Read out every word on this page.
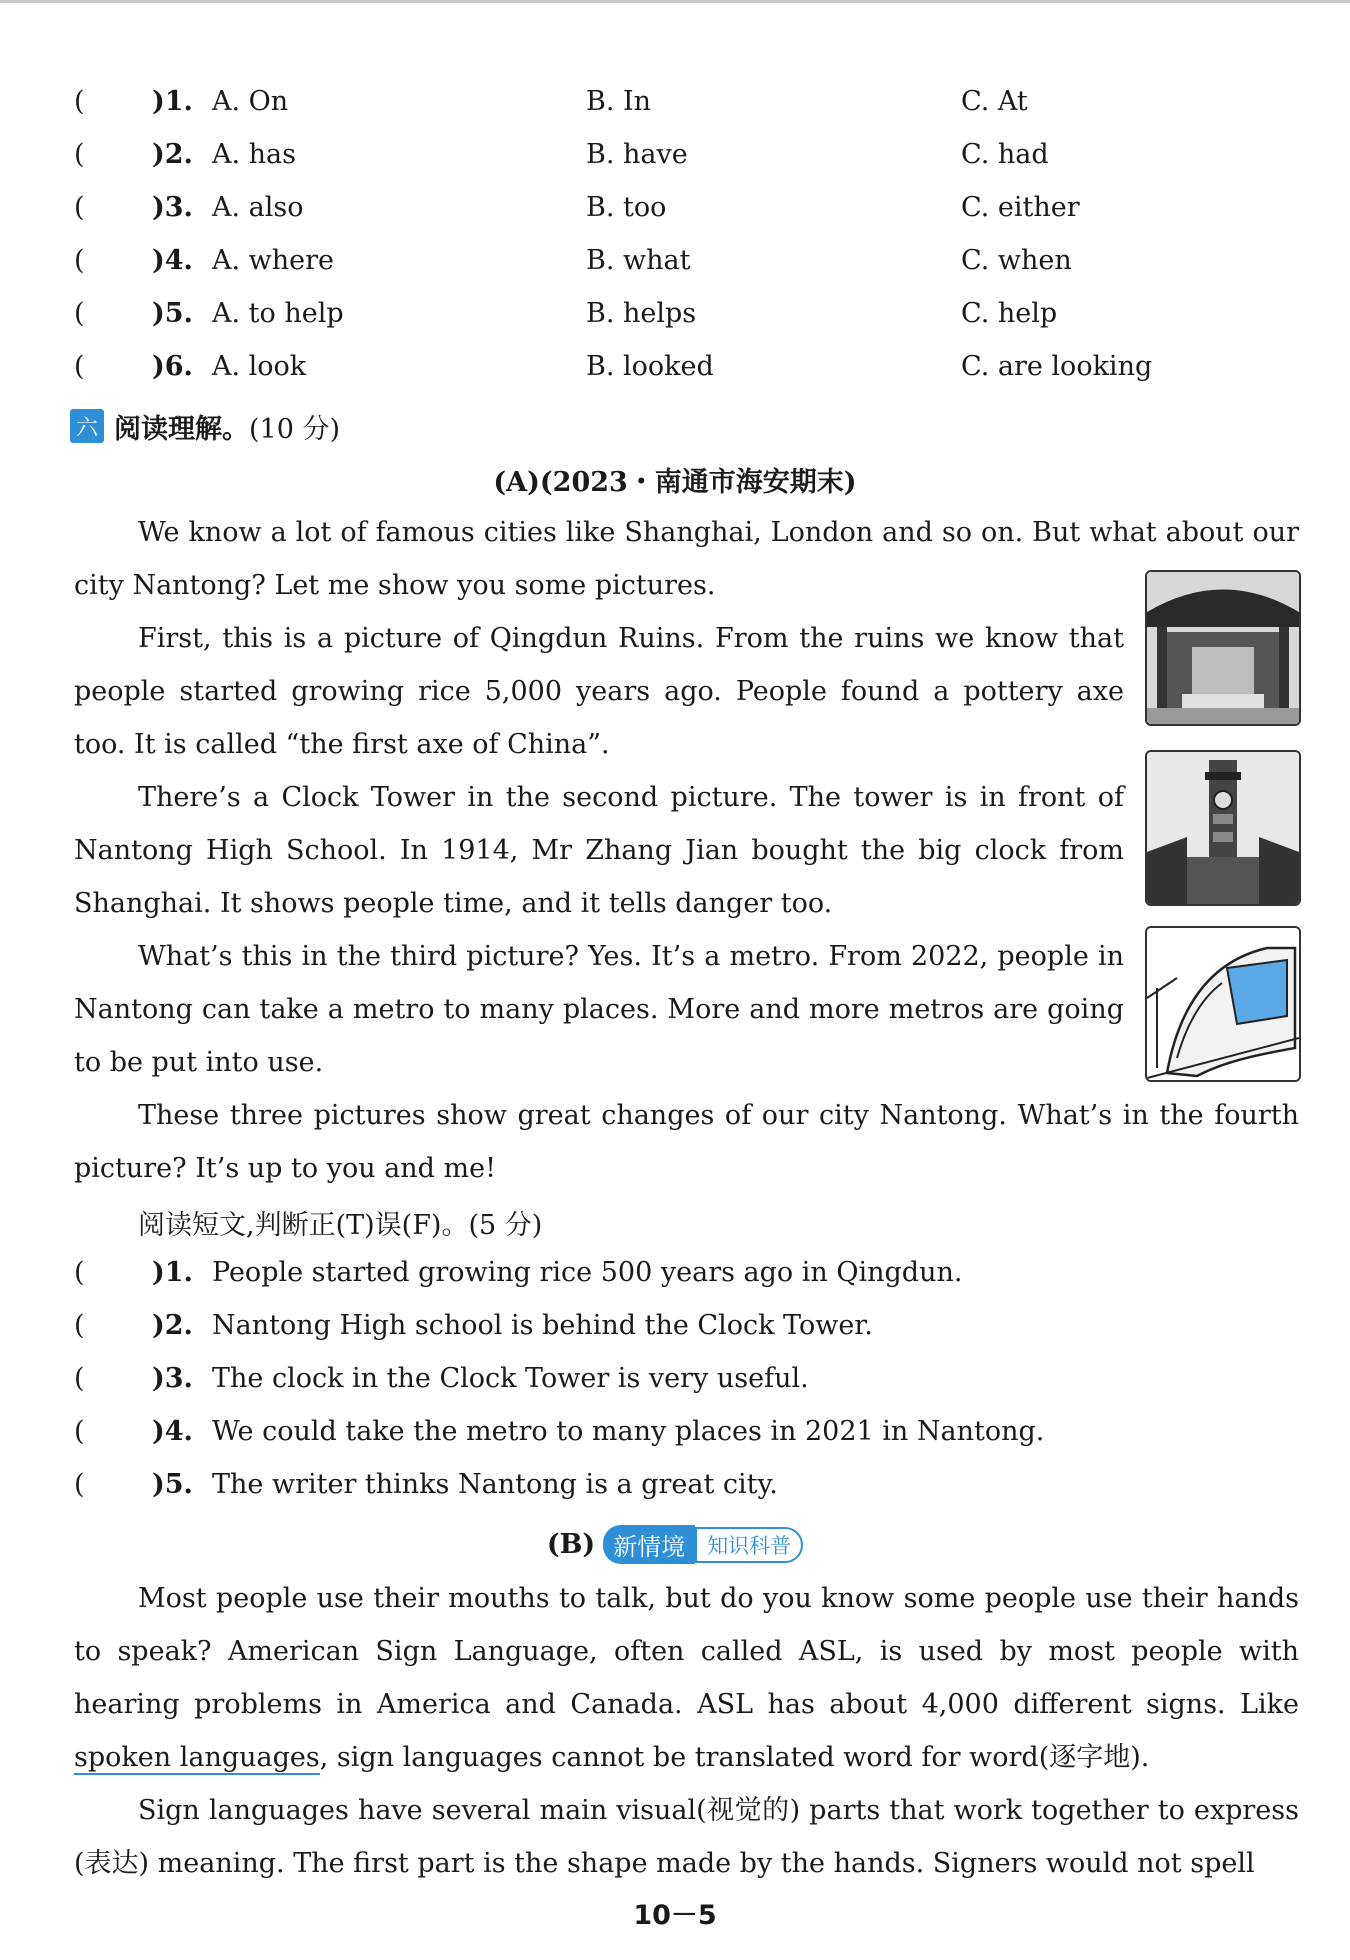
( )1. A. On	B. In	C. At
( )2. A. has	B. have	C. had
( )3. A. also	B. too	C. either
( )4. A. where	B. what	C. when
( )5. A. to help	B. helps	C. help
( )6. A. look	B. looked	C. are looking
六 阅读理解。 (10 分)
(A)(2023・南通市海安期末)

We know a lot of famous cities like Shanghai, London and so on. But what about our city Nantong? Let me show you some pictures.

First, this is a picture of Qingdun Ruins. From the ruins we know that people started growing rice 5,000 years ago. People found a pottery axe too. It is called “the first axe of China”.

There’s a Clock Tower in the second picture. The tower is in front of Nantong High School. In 1914, Mr Zhang Jian bought the big clock from Shanghai. It shows people time, and it tells danger too.

What’s this in the third picture? Yes. It’s a metro. From 2022, people in Nantong can take a metro to many places. More and more metros are going to be put into use.

These three pictures show great changes of our city Nantong. What’s in the fourth picture? It’s up to you and me!

阅读短文,判断正(T)误(F)。(5 分)
( )1. People started growing rice 500 years ago in Qingdun.
( )2. Nantong High school is behind the Clock Tower.
( )3. The clock in the Clock Tower is very useful.
( )4. We could take the metro to many places in 2021 in Nantong.
( )5. The writer thinks Nantong is a great city.
(B) 新情境	知识科普

Most people use their mouths to talk, but do you know some people use their hands to speak? American Sign Language, often called ASL, is used by most people with hearing problems in America and Canada. ASL has about 4,000 different signs. Like spoken languages, sign languages cannot be translated word for word(逐字地).

Sign languages have several main visual(视觉的) parts that work together to express (表达) meaning. The first part is the shape made by the hands. Signers would not spell

10－5
